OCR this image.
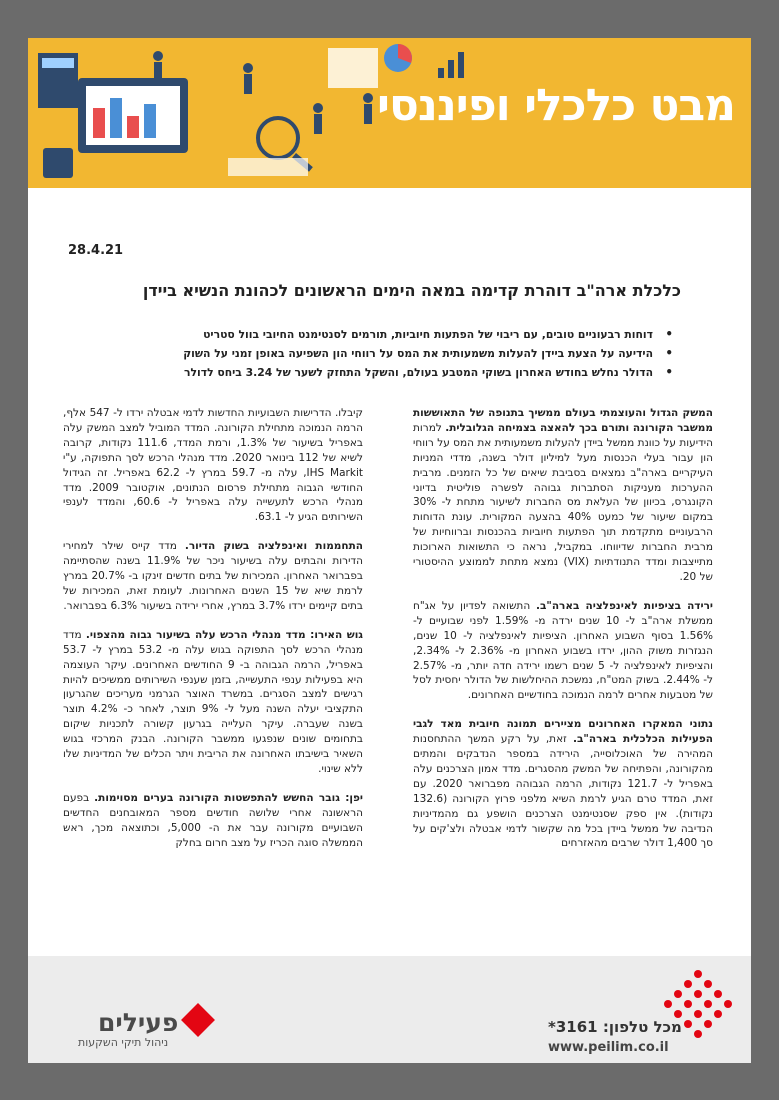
מבט כלכלי ופיננסי
28.4.21
כלכלת ארה"ב דוהרת קדימה במאה הימים הראשונים לכהונת הנשיא ביידן
• דוחות רבעוניים טובים, עם ריבוי של הפתעות חיוביות, תורמים לסנטימנט החיובי בוול סטריט
• הידיעה על הצעת ביידן להעלות משמעותית את המס על רווחי הון השפיעה באופן זמני על השוק
• הדולר נחלש בחודש האחרון בשוקי המטבע בעולם, והשקל התחזק לשער של 3.24 ביחס לדולר

המשק הגדול והעוצמתי בעולם ממשיך בתנופה של התאוששות ממשבר הקורונה ותורם בכך להאצה בצמיחה הגלובלית. למרות הידיעות על כוונת ממשל ביידן להעלות משמעותית את המס על רווחי הון עבור בעלי הכנסות מעל למיליון דולר בשנה, מדדי המניות העיקריים בארה"ב נמצאים בסביבת שיאים של כל הזמנים. מרבית ההערכות מעניקות הסתברות גבוהה לפשרה פוליטית בדיוני הקונגרס, בכיוון של העלאת מס החברות לשיעור מתחת ל- 30% במקום שיעור של כמעט 40% בהצעה המקורית. עונת הדוחות הרבעוניים מתקדמת תוך הפתעות חיוביות בהכנסות וברווחיות של מרבית החברות שדיווחו. במקביל, נראה כי התשואות הארוכות מתייצבות ומדד התנודתיות (VIX) נמצא מתחת לממוצע ההיסטורי של 20.

ירידה בציפיות לאינפלציה בארה"ב. התשואה לפדיון על אג"ח ממשלת ארה"ב ל- 10 שנים ירדה מ- 1.59% לפני שבועיים ל- 1.56% בסוף השבוע האחרון. הציפיות לאינפלציה ל- 10 שנים, הנגזרות משוק ההון, ירדו בשבוע האחרון מ- 2.36% ל- 2.34%, והציפיות לאינפלציה ל- 5 שנים רשמו ירידה חדה יותר, מ- 2.57% ל- 2.44%. בשוק המט"ח, נמשכת ההיחלשות של הדולר יחסית לסל של מטבעות אחרים לרמה הנמוכה בחודשיים האחרונים.

נתוני המאקרו האחרונים מציירים תמונה חיובית מאד לגבי הפעילות הכלכלית בארה"ב. זאת, על רקע המשך ההתחסנות המהירה של האוכלוסייה, הירידה במספר הנדבקים והמתים מהקורונה, והפתיחה של המשק מהסגרים. מדד אמון הצרכנים עלה באפריל ל- 121.7 נקודות, הרמה הגבוהה מפברואר 2020. עם זאת, המדד טרם הגיע לרמת השיא מלפני פרוץ הקורונה (132.6 נקודות). אין ספק שסנטימנט הצרכנים הושפע גם מהמדיניות הנדיבה של ממשל ביידן בכל מה שקשור לדמי אבטלה ולצ'קים על סך 1,400 דולר שרבים מהאזרחים

קיבלו. הדרישות השבועיות החדשות לדמי אבטלה ירדו ל- 547 אלף, הרמה הנמוכה מתחילת הקורונה. המדד המוביל למצב המשק עלה באפריל בשיעור של 1.3%, ורמת המדד, 111.6 נקודות, קרובה לשיא של 112 בינואר 2020. מדד מנהלי הרכש לסך התפוקה, ע"י IHS Markit, עלה מ- 59.7 במרץ ל- 62.2 באפריל. זה הגידול החודשי הגבוה מתחילת פרסום הנתונים, אוקטובר 2009. מדד מנהלי הרכש לתעשייה עלה באפריל ל- 60.6, והמדד לענפי השירותים הגיע ל- 63.1.

התחממות ואינפלציה בשוק הדיור. מדד קייס שילר למחירי הדירות והבתים עלה בשיעור ניכר של 11.9% בשנה שהסתיימה בפברואר האחרון. המכירות של בתים חדשים זינקו ב- 20.7% במרץ לרמת שיא של 15 השנים האחרונות. לעומת זאת, המכירות של בתים קיימים ירדו 3.7% במרץ, אחרי ירידה בשיעור 6.3% בפברואר.

גוש האירו: מדד מנהלי הרכש עלה בשיעור גבוה מהצפוי. מדד מנהלי הרכש לסך התפוקה בגוש עלה מ- 53.2 במרץ ל- 53.7 באפריל, הרמה הגבוהה ב- 9 החודשים האחרונים. עיקר העוצמה היא בפעילות ענפי התעשייה, בזמן שענפי השירותים ממשיכים להיות רגישים למצב הסגרים. במשרד האוצר הגרמני מעריכים שהגרעון התקציבי יעלה השנה מעל ל- 9% תוצר, לאחר כ- 4.2% תוצר בשנה שעברה. עיקר העלייה בגרעון קשורה לתכניות שיקום בתחומים שונים שנפגעו ממשבר הקורונה. הבנק המרכזי בגוש השאיר בישיבתו האחרונה את הריבית ויתר הכלים של המדיניות שלו ללא שינוי.

יפן: גובר החשש להתפשטות הקורונה בערים מסוימות. בפעם הראשונה אחרי שלושה חודשים מספר המאובחנים החדשים השבועיים מקורונה עבר את ה- 5,000, וכתוצאה מכך, ראש הממשלה סוגה הכריז על מצב חרום בחלק

מכל טלפון: 3161*
www.peilim.co.il
פעילים
ניהול תיקי השקעות
